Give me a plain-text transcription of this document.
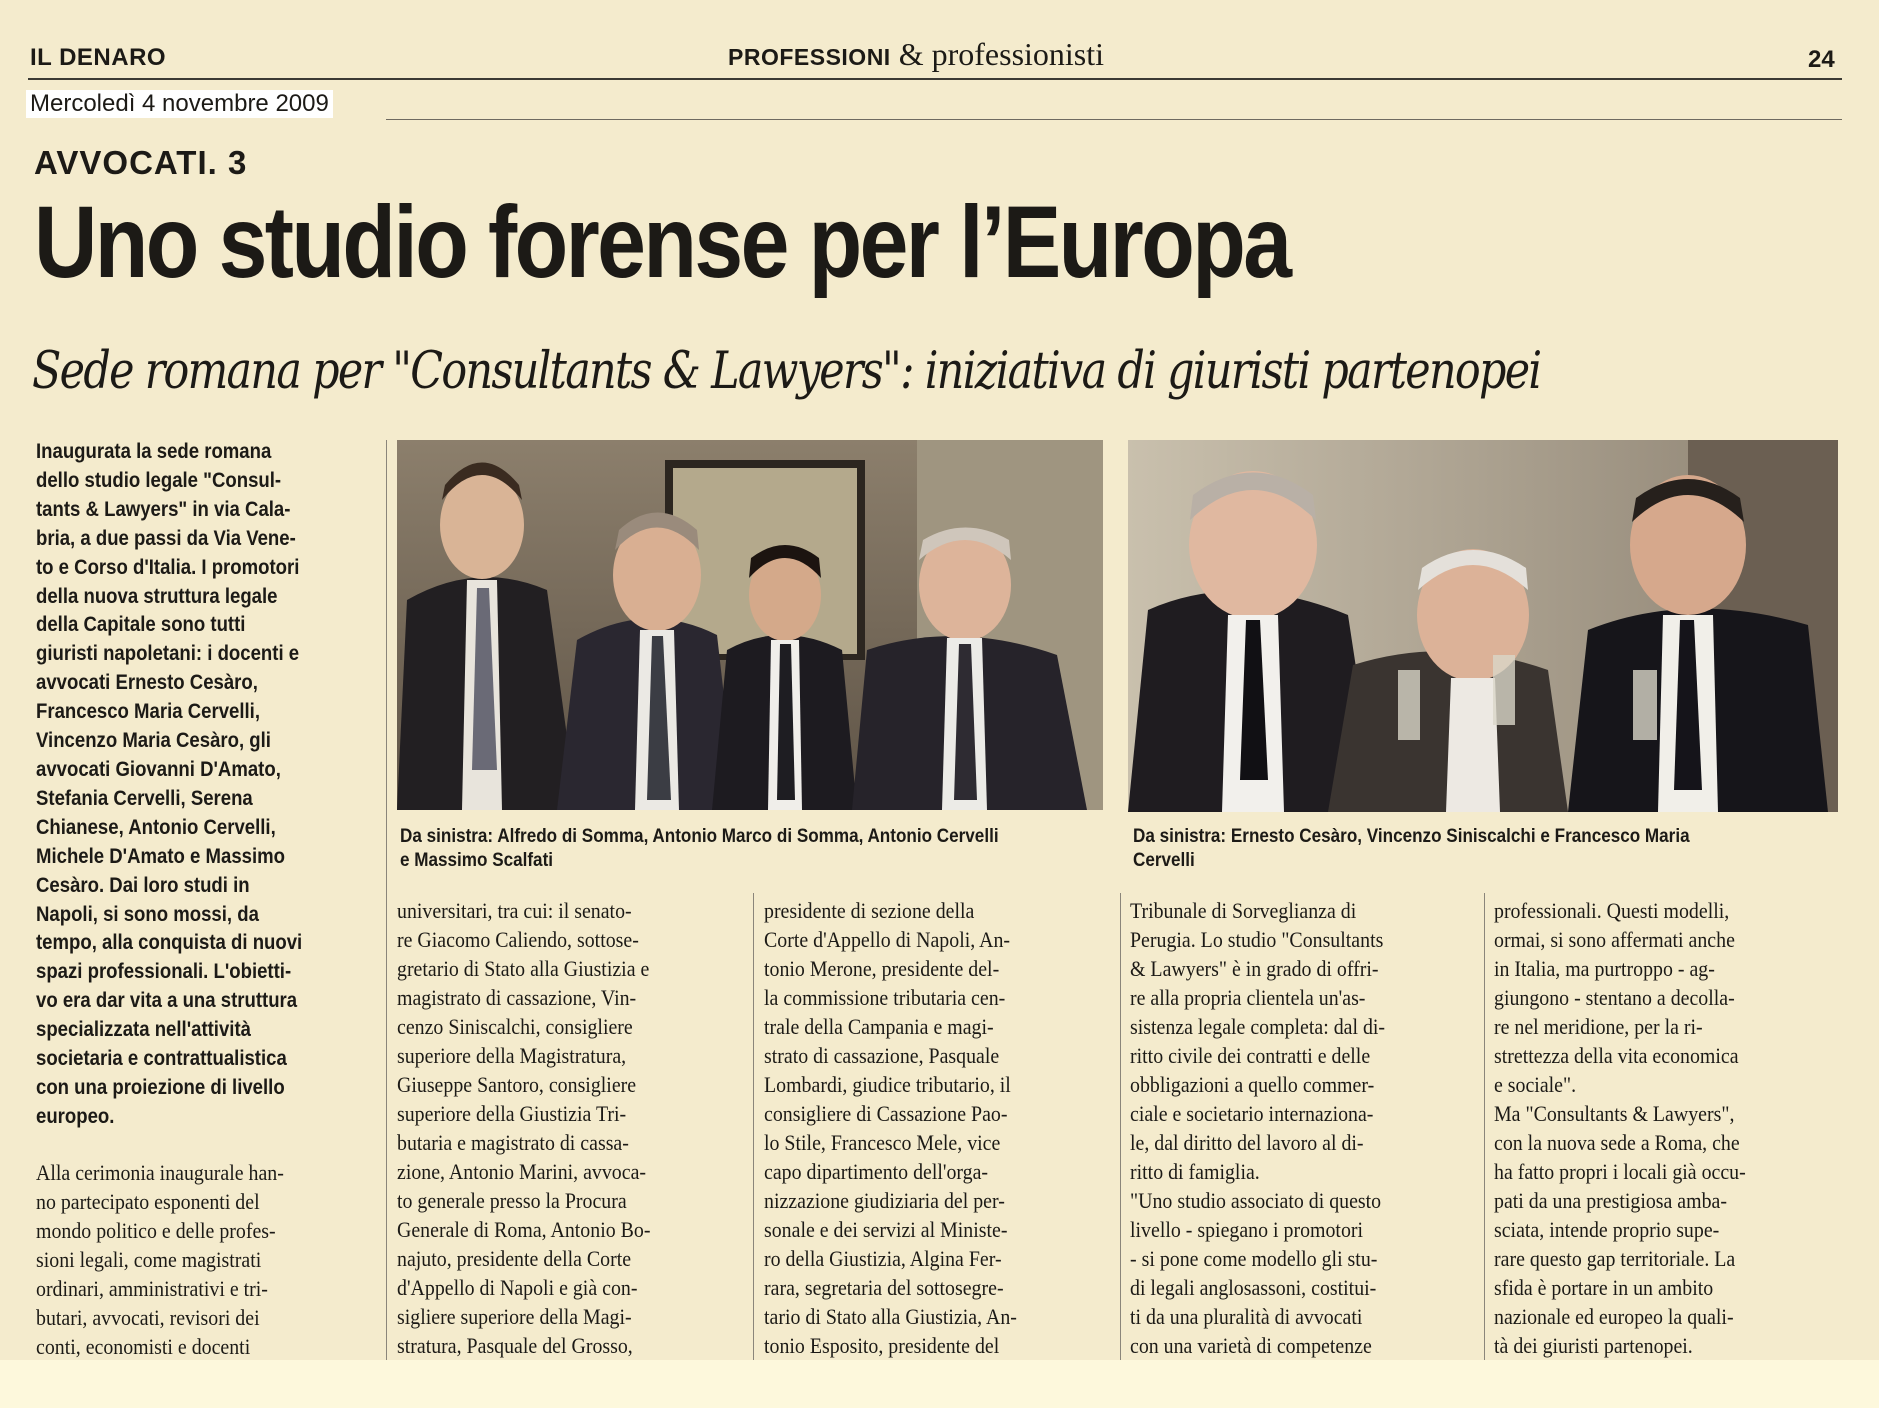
IL DENARO	PROFESSIONI & professionisti	24
Mercoledì 4 novembre 2009
AVVOCATI. 3
Uno studio forense per l’Europa
Sede romana per "Consultants & Lawyers": iniziativa di giuristi partenopei
Inaugurata la sede romana
dello studio legale "Consul-
tants & Lawyers" in via Cala-
bria, a due passi da Via Vene-
to e Corso d'Italia. I promotori
della nuova struttura legale
della Capitale sono tutti
giuristi napoletani: i docenti e
avvocati Ernesto Cesàro,
Francesco Maria Cervelli,
Vincenzo Maria Cesàro, gli
avvocati Giovanni D'Amato,
Stefania Cervelli, Serena
Chianese, Antonio Cervelli,
Michele D'Amato e Massimo
Cesàro. Dai loro studi in
Napoli, si sono mossi, da
tempo, alla conquista di nuovi
spazi professionali. L'obietti-
vo era dar vita a una struttura
specializzata nell'attività
societaria e contrattualistica
con una proiezione di livello
europeo.
Alla cerimonia inaugurale han-
no partecipato esponenti del
mondo politico e delle profes-
sioni legali, come magistrati
ordinari, amministrativi e tri-
butari, avvocati, revisori dei
conti, economisti e docenti
Da sinistra: Alfredo di Somma, Antonio Marco di Somma, Antonio Cervelli
e Massimo Scalfati
Da sinistra: Ernesto Cesàro, Vincenzo Siniscalchi e Francesco Maria
Cervelli
universitari, tra cui: il senato-
re Giacomo Caliendo, sottose-
gretario di Stato alla Giustizia e
magistrato di cassazione, Vin-
cenzo Siniscalchi, consigliere
superiore della Magistratura,
Giuseppe Santoro, consigliere
superiore della Giustizia Tri-
butaria e magistrato di cassa-
zione, Antonio Marini, avvoca-
to generale presso la Procura
Generale di Roma, Antonio Bo-
najuto, presidente della Corte
d'Appello di Napoli e già con-
sigliere superiore della Magi-
stratura, Pasquale del Grosso,
presidente di sezione della
Corte d'Appello di Napoli, An-
tonio Merone, presidente del-
la commissione tributaria cen-
trale della Campania e magi-
strato di cassazione, Pasquale
Lombardi, giudice tributario, il
consigliere di Cassazione Pao-
lo Stile, Francesco Mele, vice
capo dipartimento dell'orga-
nizzazione giudiziaria del per-
sonale e dei servizi al Ministe-
ro della Giustizia, Algina Fer-
rara, segretaria del sottosegre-
tario di Stato alla Giustizia, An-
tonio Esposito, presidente del
Tribunale di Sorveglianza di
Perugia. Lo studio "Consultants
& Lawyers" è in grado di offri-
re alla propria clientela un'as-
sistenza legale completa: dal di-
ritto civile dei contratti e delle
obbligazioni a quello commer-
ciale e societario internaziona-
le, dal diritto del lavoro al di-
ritto di famiglia.
"Uno studio associato di questo
livello - spiegano i promotori
- si pone come modello gli stu-
di legali anglosassoni, costitui-
ti da una pluralità di avvocati
con una varietà di competenze
professionali. Questi modelli,
ormai, si sono affermati anche
in Italia, ma purtroppo - ag-
giungono - stentano a decolla-
re nel meridione, per la ri-
strettezza della vita economica
e sociale".
Ma "Consultants & Lawyers",
con la nuova sede a Roma, che
ha fatto propri i locali già occu-
pati da una prestigiosa amba-
sciata, intende proprio supe-
rare questo gap territoriale. La
sfida è portare in un ambito
nazionale ed europeo la quali-
tà dei giuristi partenopei.
